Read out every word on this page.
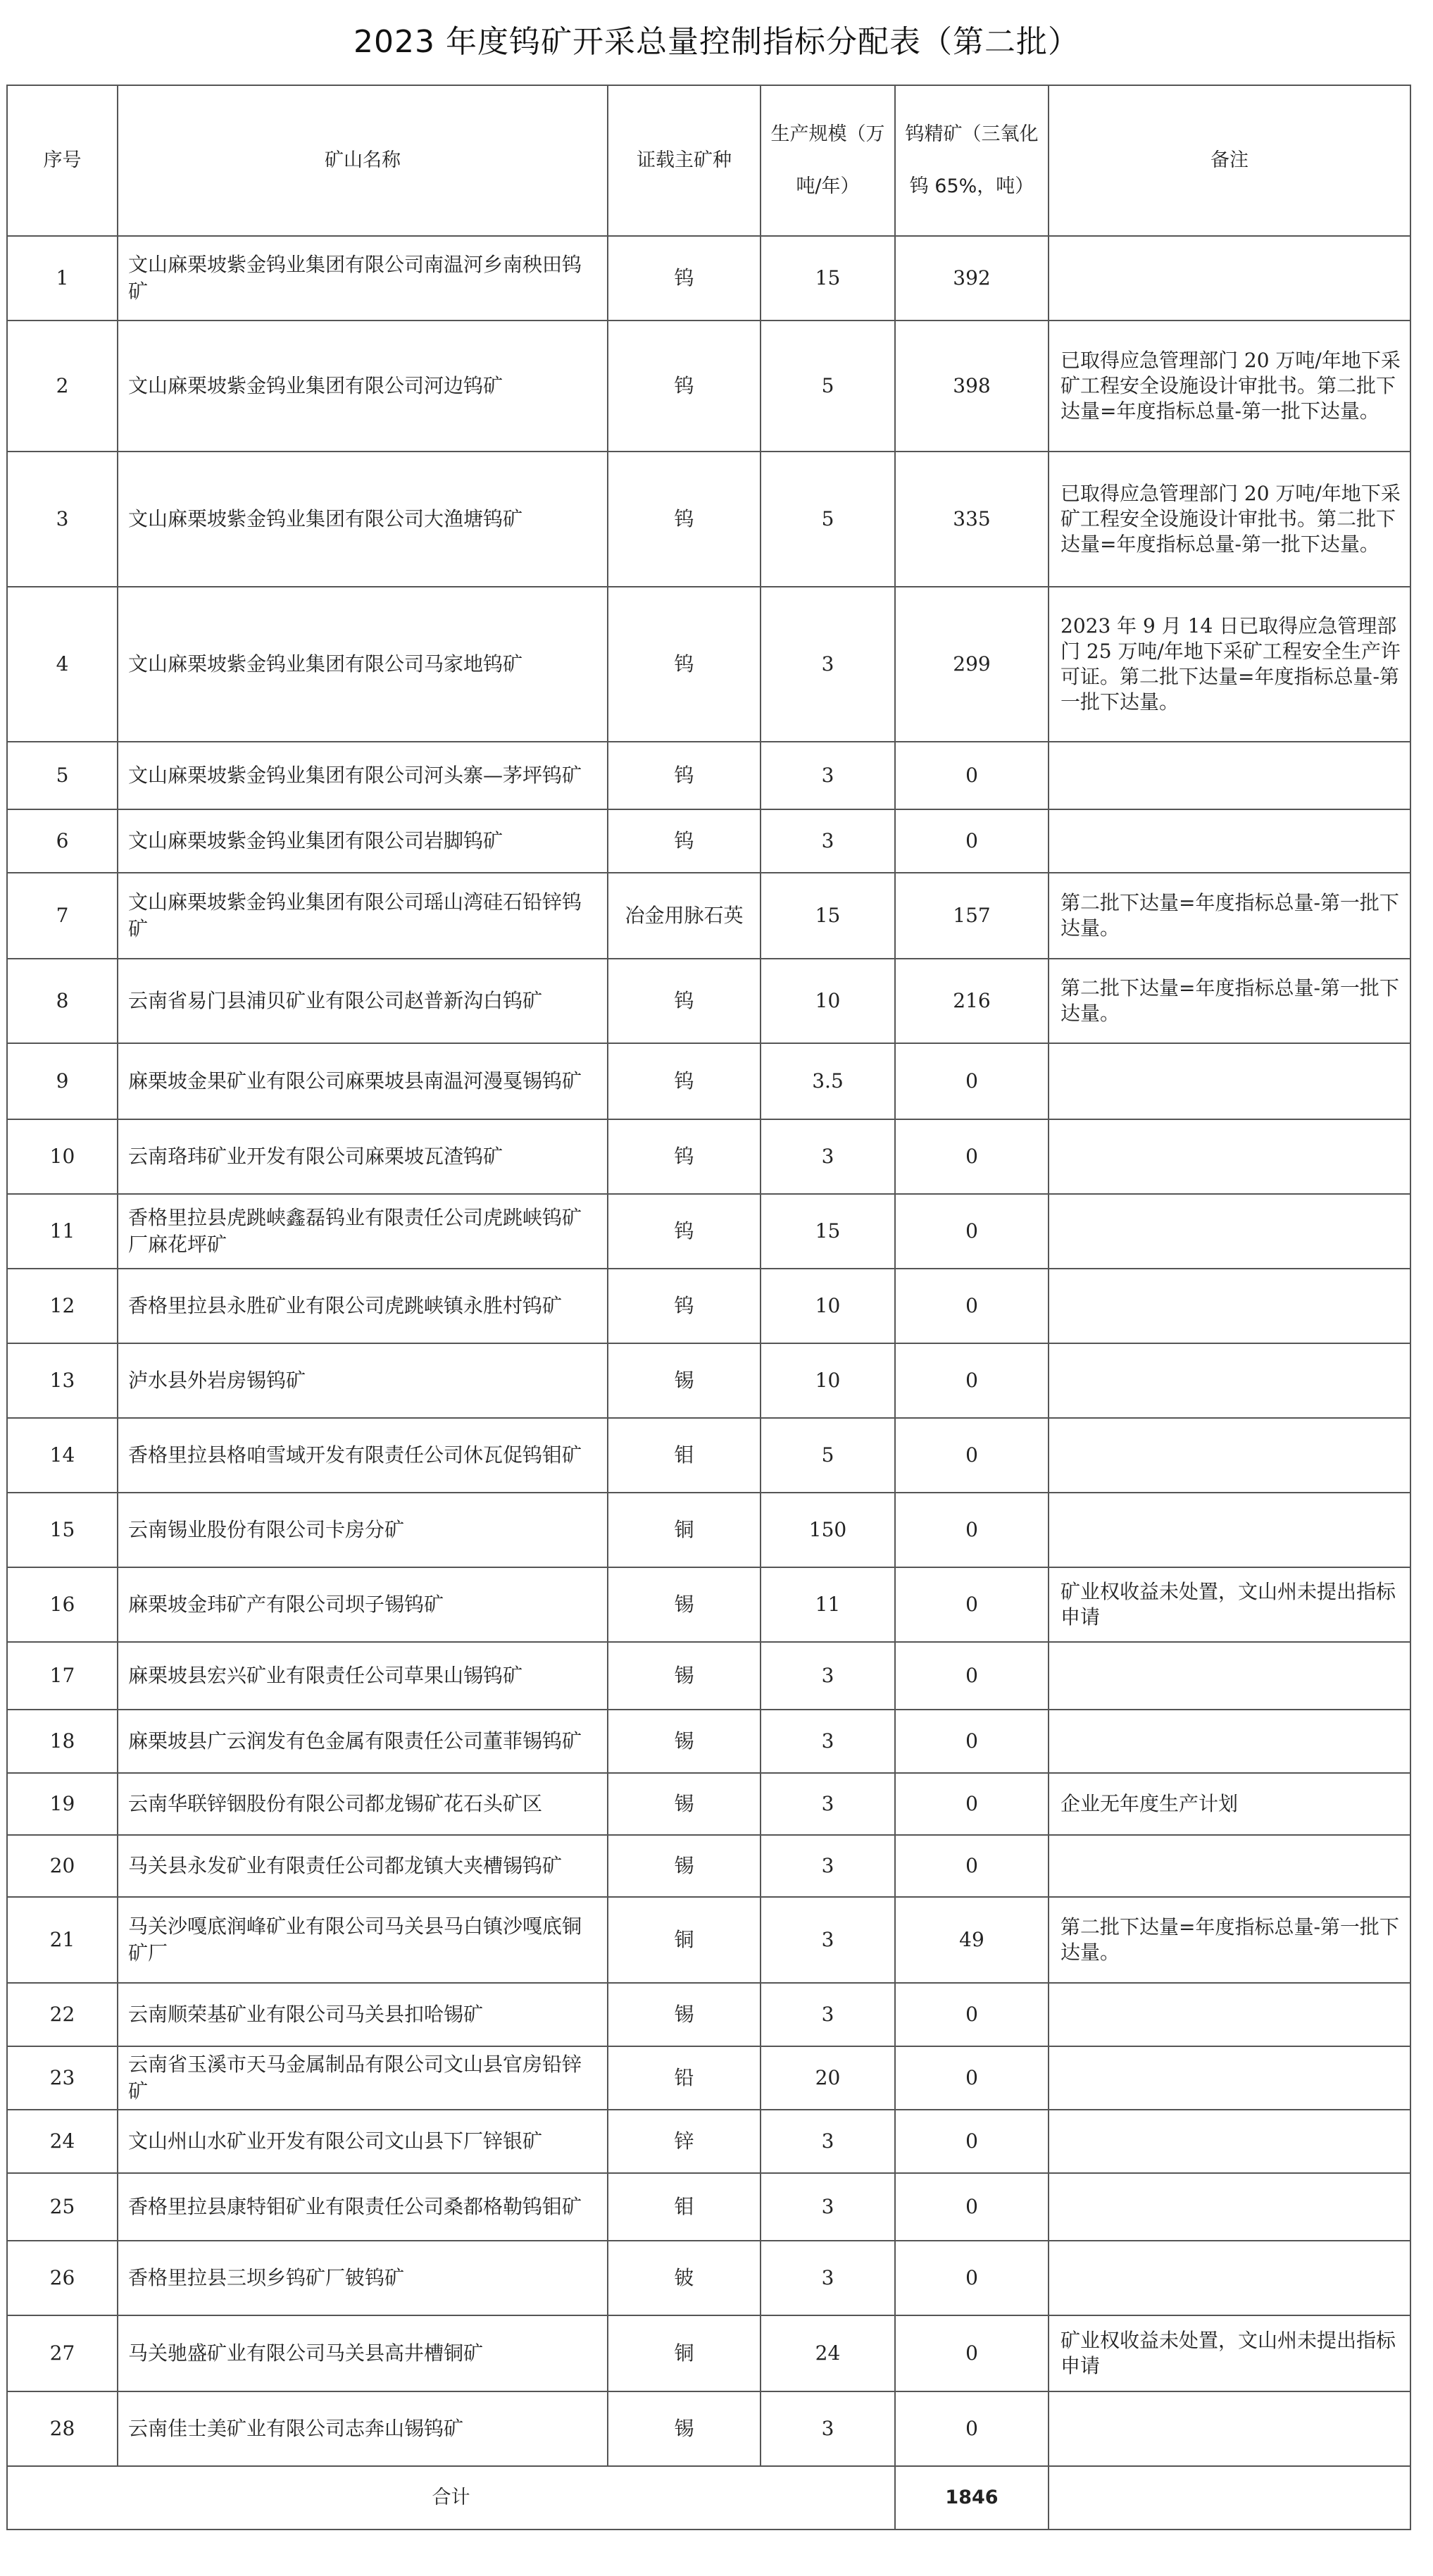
2023 年度钨矿开采总量控制指标分配表（第二批）
序号	矿山名称	证载主矿种	生产规模（万吨/年）	钨精矿（三氧化钨 65%，吨）	备注
1	文山麻栗坡紫金钨业集团有限公司南温河乡南秧田钨矿	钨	15	392	
2	文山麻栗坡紫金钨业集团有限公司河边钨矿	钨	5	398	已取得应急管理部门 20 万吨/年地下采矿工程安全设施设计审批书。第二批下达量=年度指标总量-第一批下达量。
3	文山麻栗坡紫金钨业集团有限公司大渔塘钨矿	钨	5	335	已取得应急管理部门 20 万吨/年地下采矿工程安全设施设计审批书。第二批下达量=年度指标总量-第一批下达量。
4	文山麻栗坡紫金钨业集团有限公司马家地钨矿	钨	3	299	2023 年 9 月 14 日已取得应急管理部门 25 万吨/年地下采矿工程安全生产许可证。第二批下达量=年度指标总量-第一批下达量。
5	文山麻栗坡紫金钨业集团有限公司河头寨—茅坪钨矿	钨	3	0	
6	文山麻栗坡紫金钨业集团有限公司岩脚钨矿	钨	3	0	
7	文山麻栗坡紫金钨业集团有限公司瑶山湾硅石铅锌钨矿	冶金用脉石英	15	157	第二批下达量=年度指标总量-第一批下达量。
8	云南省易门县浦贝矿业有限公司赵普新沟白钨矿	钨	10	216	第二批下达量=年度指标总量-第一批下达量。
9	麻栗坡金果矿业有限公司麻栗坡县南温河漫戛锡钨矿	钨	3.5	0	
10	云南珞玮矿业开发有限公司麻栗坡瓦渣钨矿	钨	3	0	
11	香格里拉县虎跳峡鑫磊钨业有限责任公司虎跳峡钨矿厂麻花坪矿	钨	15	0	
12	香格里拉县永胜矿业有限公司虎跳峡镇永胜村钨矿	钨	10	0	
13	泸水县外岩房锡钨矿	锡	10	0	
14	香格里拉县格咱雪域开发有限责任公司休瓦促钨钼矿	钼	5	0	
15	云南锡业股份有限公司卡房分矿	铜	150	0	
16	麻栗坡金玮矿产有限公司坝子锡钨矿	锡	11	0	矿业权收益未处置，文山州未提出指标申请
17	麻栗坡县宏兴矿业有限责任公司草果山锡钨矿	锡	3	0	
18	麻栗坡县广云润发有色金属有限责任公司董菲锡钨矿	锡	3	0	
19	云南华联锌铟股份有限公司都龙锡矿花石头矿区	锡	3	0	企业无年度生产计划
20	马关县永发矿业有限责任公司都龙镇大夹槽锡钨矿	锡	3	0	
21	马关沙嘎底润峰矿业有限公司马关县马白镇沙嘎底铜矿厂	铜	3	49	第二批下达量=年度指标总量-第一批下达量。
22	云南顺荣基矿业有限公司马关县扣哈锡矿	锡	3	0	
23	云南省玉溪市天马金属制品有限公司文山县官房铅锌矿	铅	20	0	
24	文山州山水矿业开发有限公司文山县下厂锌银矿	锌	3	0	
25	香格里拉县康特钼矿业有限责任公司桑都格勒钨钼矿	钼	3	0	
26	香格里拉县三坝乡钨矿厂铍钨矿	铍	3	0	
27	马关驰盛矿业有限公司马关县高井槽铜矿	铜	24	0	矿业权收益未处置，文山州未提出指标申请
28	云南佳士美矿业有限公司志奔山锡钨矿	锡	3	0	
合计				1846	
